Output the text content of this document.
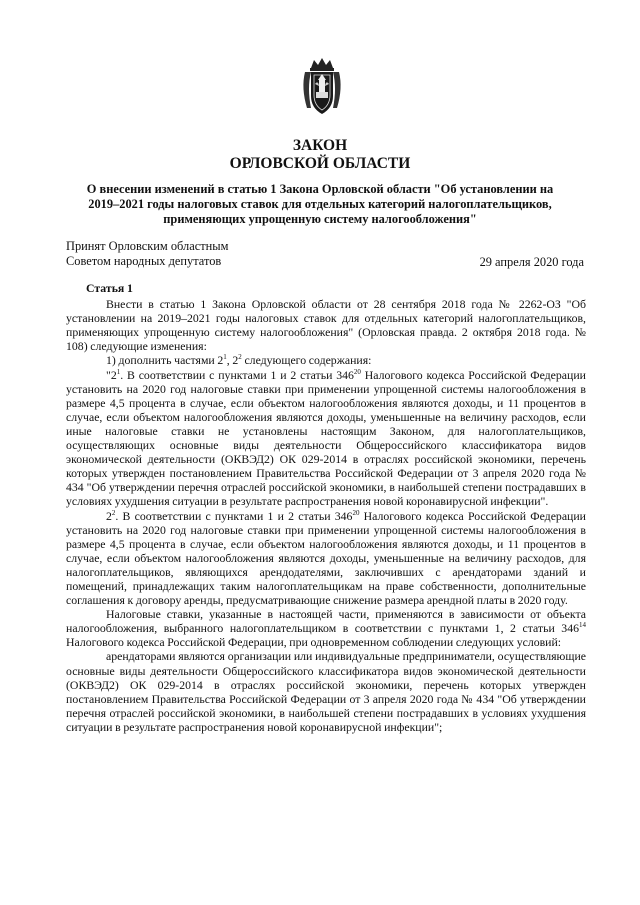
ЗАКОН
ОРЛОВСКОЙ ОБЛАСТИ
О внесении изменений в статью 1 Закона Орловской области "Об установлении на 2019–2021 годы налоговых ставок для отдельных категорий налогоплательщиков, применяющих упрощенную систему налогообложения"
Принят Орловским областным
Советом народных депутатов	29 апреля 2020 года

Статья 1

Внести в статью 1 Закона Орловской области от 28 сентября 2018 года № 2262-ОЗ "Об установлении на 2019–2021 годы налоговых ставок для отдельных категорий налогоплательщиков, применяющих упрощенную систему налогообложения" (Орловская правда. 2 октября 2018 года. № 108) следующие изменения:

1) дополнить частями $2^1$, $2^2$ следующего содержания:

"$2^1$. В соответствии с пунктами 1 и 2 статьи $346^{20}$ Налогового кодекса Российской Федерации установить на 2020 год налоговые ставки при применении упрощенной системы налогообложения в размере 4,5 процента в случае, если объектом налогообложения являются доходы, и 11 процентов в случае, если объектом налогообложения являются доходы, уменьшенные на величину расходов, если иные налоговые ставки не установлены настоящим Законом, для налогоплательщиков, осуществляющих основные виды деятельности Общероссийского классификатора видов экономической деятельности (ОКВЭД2) ОК 029-2014 в отраслях российской экономики, перечень которых утвержден постановлением Правительства Российской Федерации от 3 апреля 2020 года № 434 "Об утверждении перечня отраслей российской экономики, в наибольшей степени пострадавших в условиях ухудшения ситуации в результате распространения новой коронавирусной инфекции".

$2^2$. В соответствии с пунктами 1 и 2 статьи $346^{20}$ Налогового кодекса Российской Федерации установить на 2020 год налоговые ставки при применении упрощенной системы налогообложения в размере 4,5 процента в случае, если объектом налогообложения являются доходы, и 11 процентов в случае, если объектом налогообложения являются доходы, уменьшенные на величину расходов, для налогоплательщиков, являющихся арендодателями, заключивших с арендаторами зданий и помещений, принадлежащих таким налогоплательщикам на праве собственности, дополнительные соглашения к договору аренды, предусматривающие снижение размера арендной платы в 2020 году.

Налоговые ставки, указанные в настоящей части, применяются в зависимости от объекта налогообложения, выбранного налогоплательщиком в соответствии с пунктами 1, 2 статьи $346^{14}$ Налогового кодекса Российской Федерации, при одновременном соблюдении следующих условий:

арендаторами являются организации или индивидуальные предприниматели, осуществляющие основные виды деятельности Общероссийского классификатора видов экономической деятельности (ОКВЭД2) ОК 029-2014 в отраслях российской экономики, перечень которых утвержден постановлением Правительства Российской Федерации от 3 апреля 2020 года № 434 "Об утверждении перечня отраслей российской экономики, в наибольшей степени пострадавших в условиях ухудшения ситуации в результате распространения новой коронавирусной инфекции";
